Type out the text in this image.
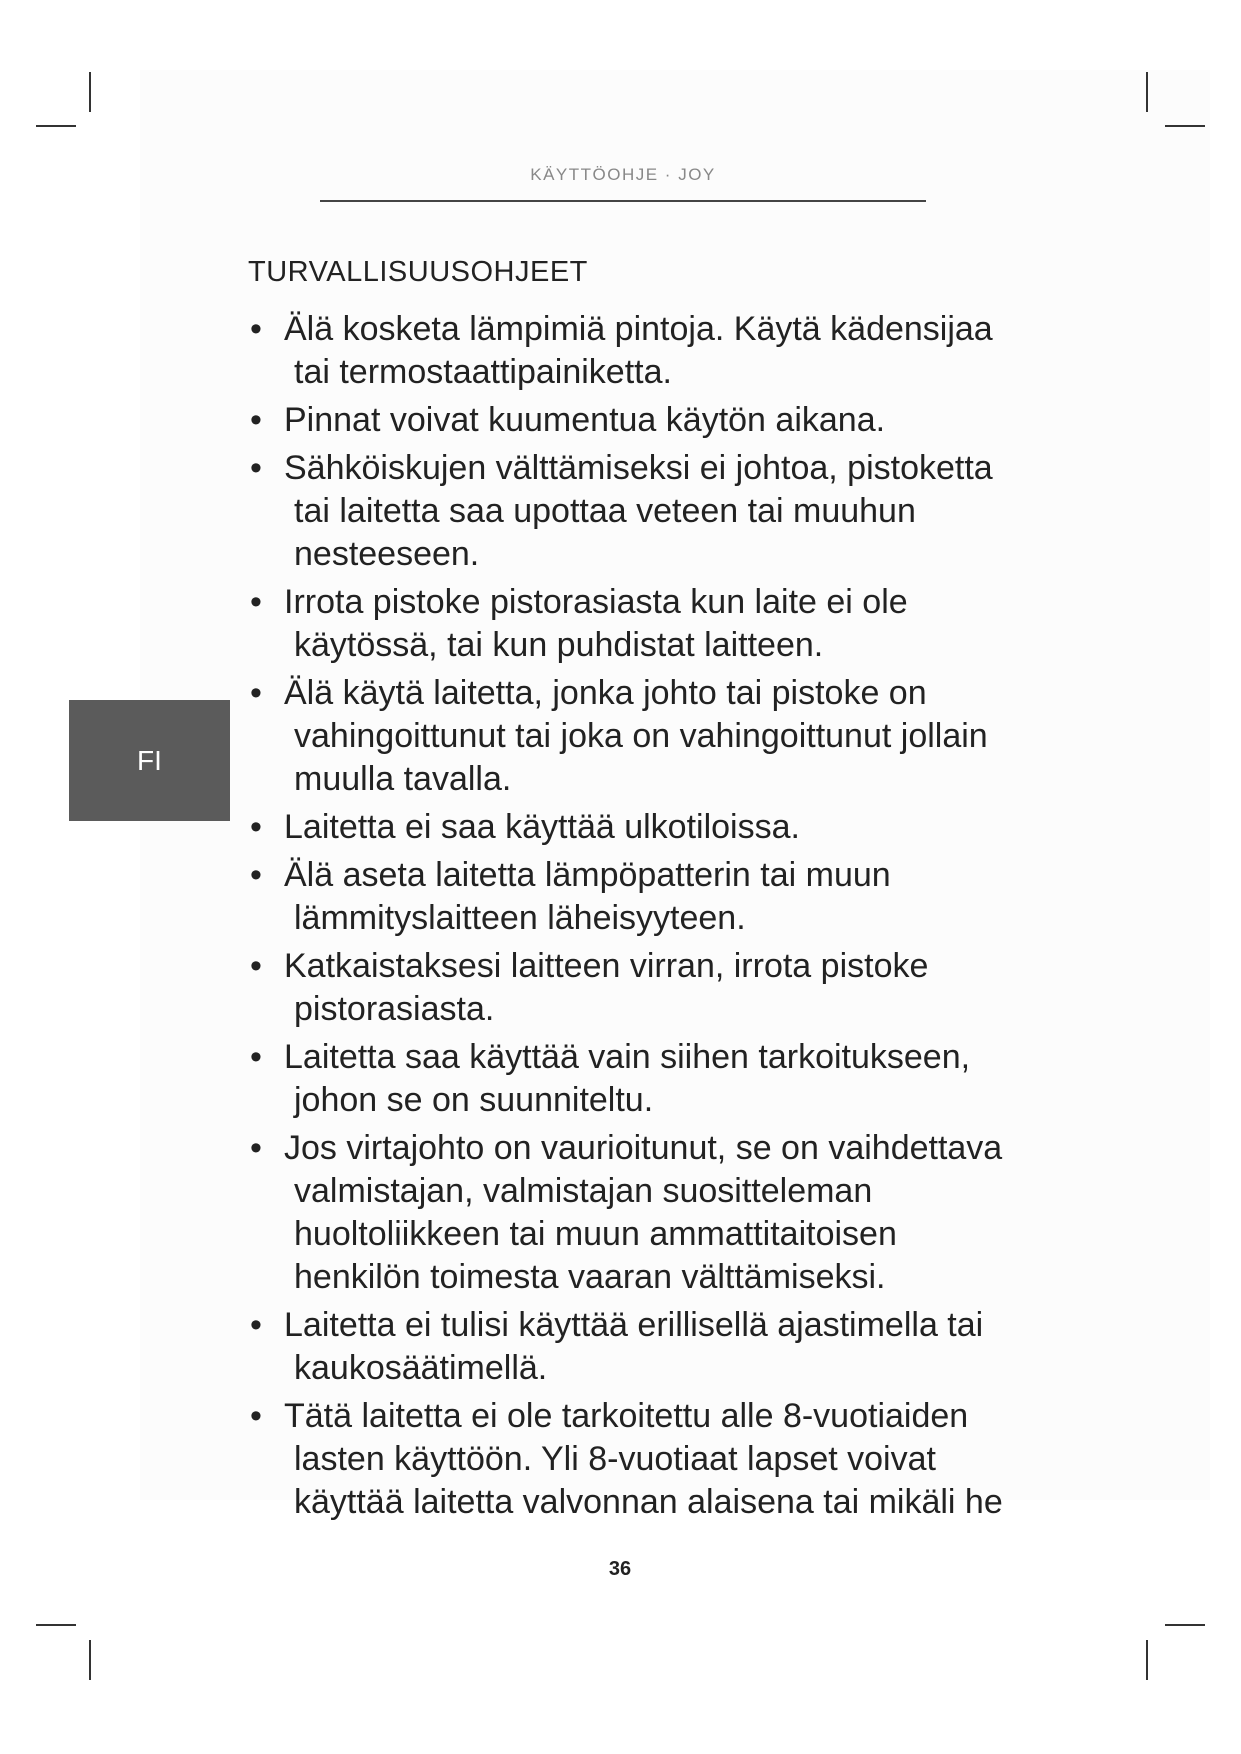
KÄYTTÖOHJE · JOY
TURVALLISUUSOHJEET
• Älä kosketa lämpimiä pintoja. Käytä kädensijaa
tai termostaattipainiketta.
• Pinnat voivat kuumentua käytön aikana.
• Sähköiskujen välttämiseksi ei johtoa, pistoketta
tai laitetta saa upottaa veteen tai muuhun
nesteeseen.
• Irrota pistoke pistorasiasta kun laite ei ole
käytössä, tai kun puhdistat laitteen.
• Älä käytä laitetta, jonka johto tai pistoke on
vahingoittunut tai joka on vahingoittunut jollain
muulla tavalla.
• Laitetta ei saa käyttää ulkotiloissa.
• Älä aseta laitetta lämpöpatterin tai muun
lämmityslaitteen läheisyyteen.
• Katkaistaksesi laitteen virran, irrota pistoke
pistorasiasta.
• Laitetta saa käyttää vain siihen tarkoitukseen,
johon se on suunniteltu.
• Jos virtajohto on vaurioitunut, se on vaihdettava
valmistajan, valmistajan suositteleman
huoltoliikkeen tai muun ammattitaitoisen
henkilön toimesta vaaran välttämiseksi.
• Laitetta ei tulisi käyttää erillisellä ajastimella tai
kaukosäätimellä.
• Tätä laitetta ei ole tarkoitettu alle 8-vuotiaiden
lasten käyttöön. Yli 8-vuotiaat lapset voivat
käyttää laitetta valvonnan alaisena tai mikäli he
FI
36
